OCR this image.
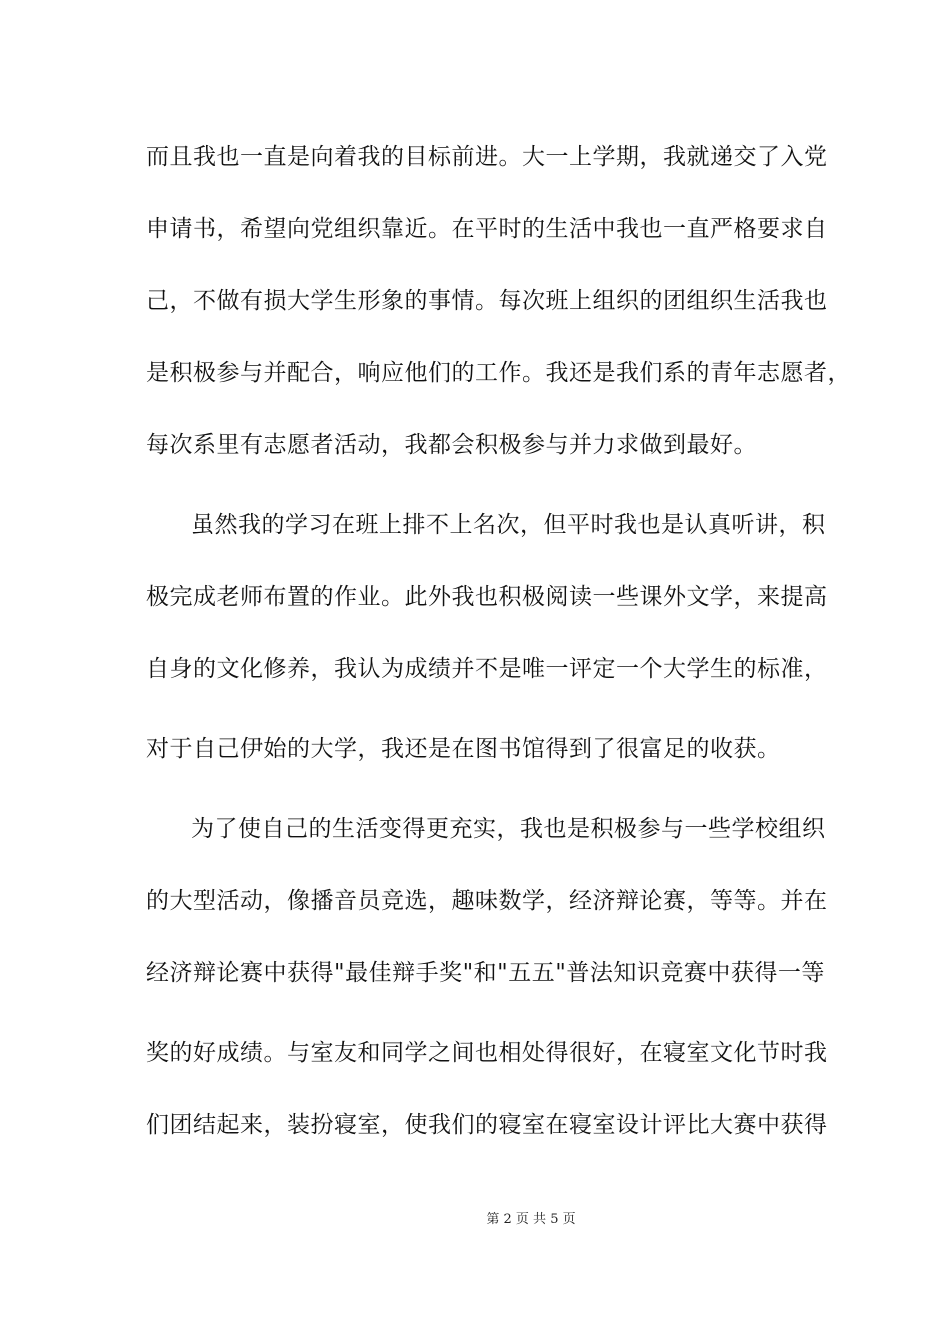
而且我也一直是向着我的目标前进。大一上学期，我就递交了入党
申请书，希望向党组织靠近。在平时的生活中我也一直严格要求自
己，不做有损大学生形象的事情。每次班上组织的团组织生活我也
是积极参与并配合，响应他们的工作。我还是我们系的青年志愿者，
每次系里有志愿者活动，我都会积极参与并力求做到最好。
虽然我的学习在班上排不上名次，但平时我也是认真听讲，积
极完成老师布置的作业。此外我也积极阅读一些课外文学，来提高
自身的文化修养，我认为成绩并不是唯一评定一个大学生的标准，
对于自己伊始的大学，我还是在图书馆得到了很富足的收获。
为了使自己的生活变得更充实，我也是积极参与一些学校组织
的大型活动，像播音员竞选，趣味数学，经济辩论赛，等等。并在
经济辩论赛中获得"最佳辩手奖"和"五五"普法知识竞赛中获得一等
奖的好成绩。与室友和同学之间也相处得很好，在寝室文化节时我
们团结起来，装扮寝室，使我们的寝室在寝室设计评比大赛中获得
第 2 页 共 5 页
